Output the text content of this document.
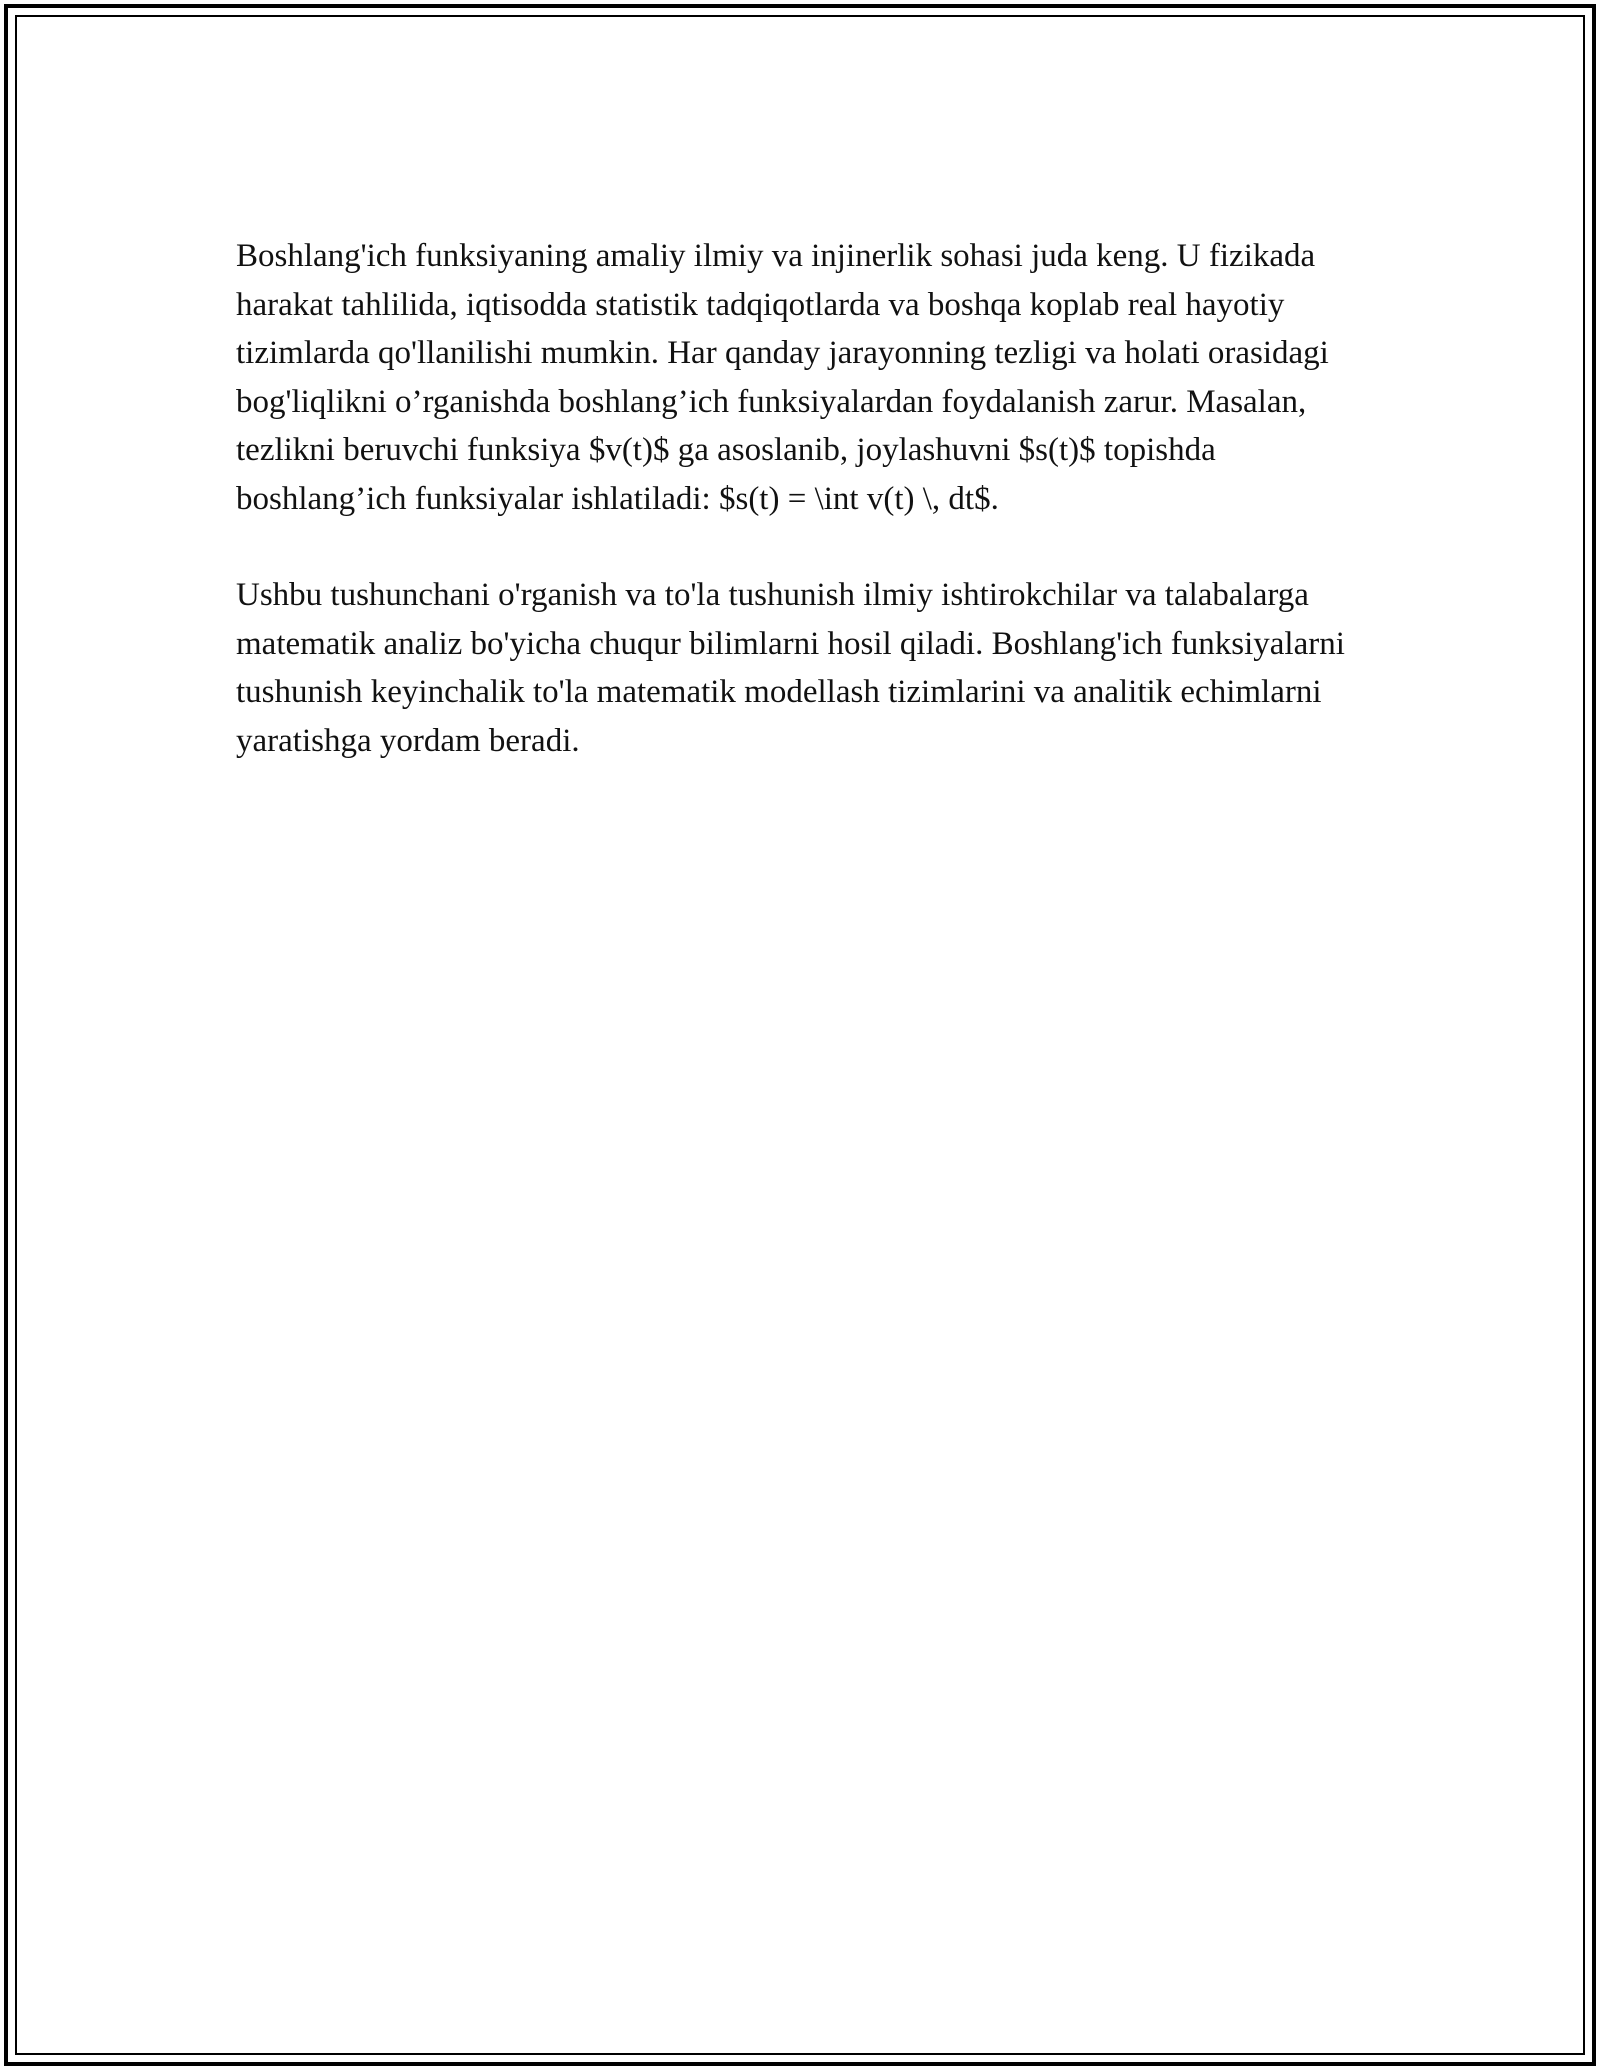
Boshlang'ich funksiyaning amaliy ilmiy va injinerlik sohasi juda keng. U fizikada harakat tahlilida, iqtisodda statistik tadqiqotlarda va boshqa koplab real hayotiy tizimlarda qo'llanilishi mumkin. Har qanday jarayonning tezligi va holati orasidagi bog'liqlikni o’rganishda boshlang’ich funksiyalardan foydalanish zarur. Masalan, tezlikni beruvchi funksiya $v(t)$ ga asoslanib, joylashuvni $s(t)$ topishda boshlang’ich funksiyalar ishlatiladi: $s(t) = \int v(t) \, dt$.

Ushbu tushunchani o'rganish va to'la tushunish ilmiy ishtirokchilar va talabalarga matematik analiz bo'yicha chuqur bilimlarni hosil qiladi. Boshlang'ich funksiyalarni tushunish keyinchalik to'la matematik modellash tizimlarini va analitik echimlarni yaratishga yordam beradi.
